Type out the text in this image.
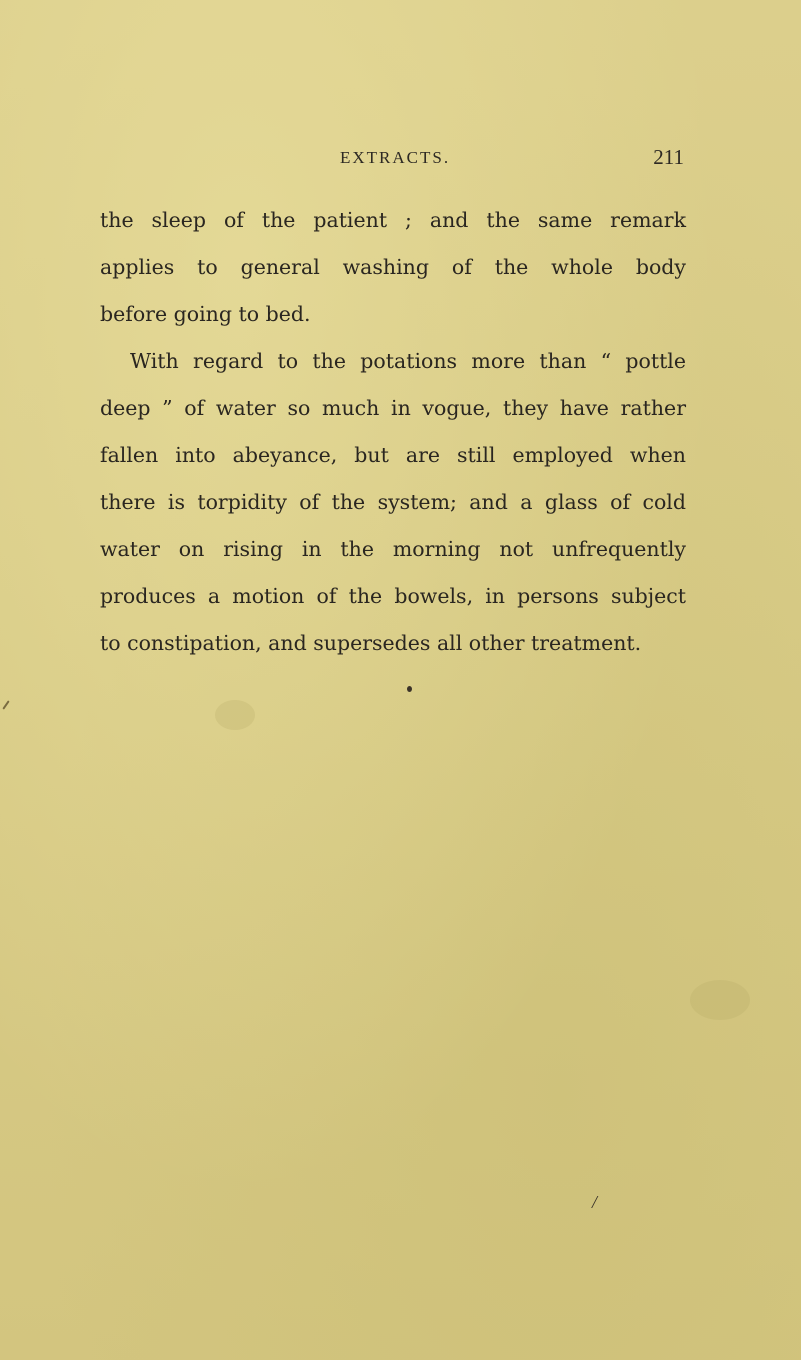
EXTRACTS.	211
the sleep of the patient ; and the same remark
applies to general washing of the whole body
before going to bed.
With regard to the potations more than “ pottle
deep ” of water so much in vogue, they have rather
fallen into abeyance, but are still employed when
there is torpidity of the system; and a glass of cold
water on rising in the morning not unfrequently
produces a motion of the bowels, in persons subject
to constipation, and supersedes all other treatment.
/
